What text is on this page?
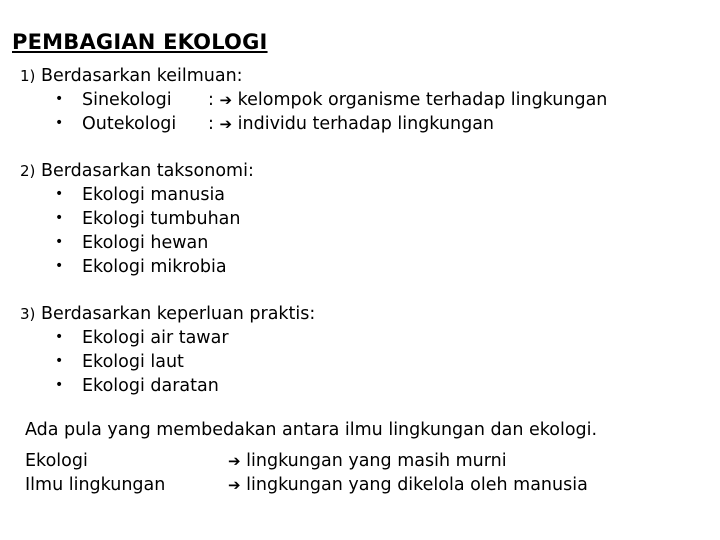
PEMBAGIAN EKOLOGI
1) Berdasarkan keilmuan:
• Sinekologi : ➔ kelompok organisme terhadap lingkungan
• Outekologi : ➔ individu terhadap lingkungan
2) Berdasarkan taksonomi:
• Ekologi manusia
• Ekologi tumbuhan
• Ekologi hewan
• Ekologi mikrobia
3) Berdasarkan keperluan praktis:
• Ekologi air tawar
• Ekologi laut
• Ekologi daratan
Ada pula yang membedakan antara ilmu lingkungan dan ekologi.
Ekologi	➔ lingkungan yang masih murni
Ilmu lingkungan	➔ lingkungan yang dikelola oleh manusia
